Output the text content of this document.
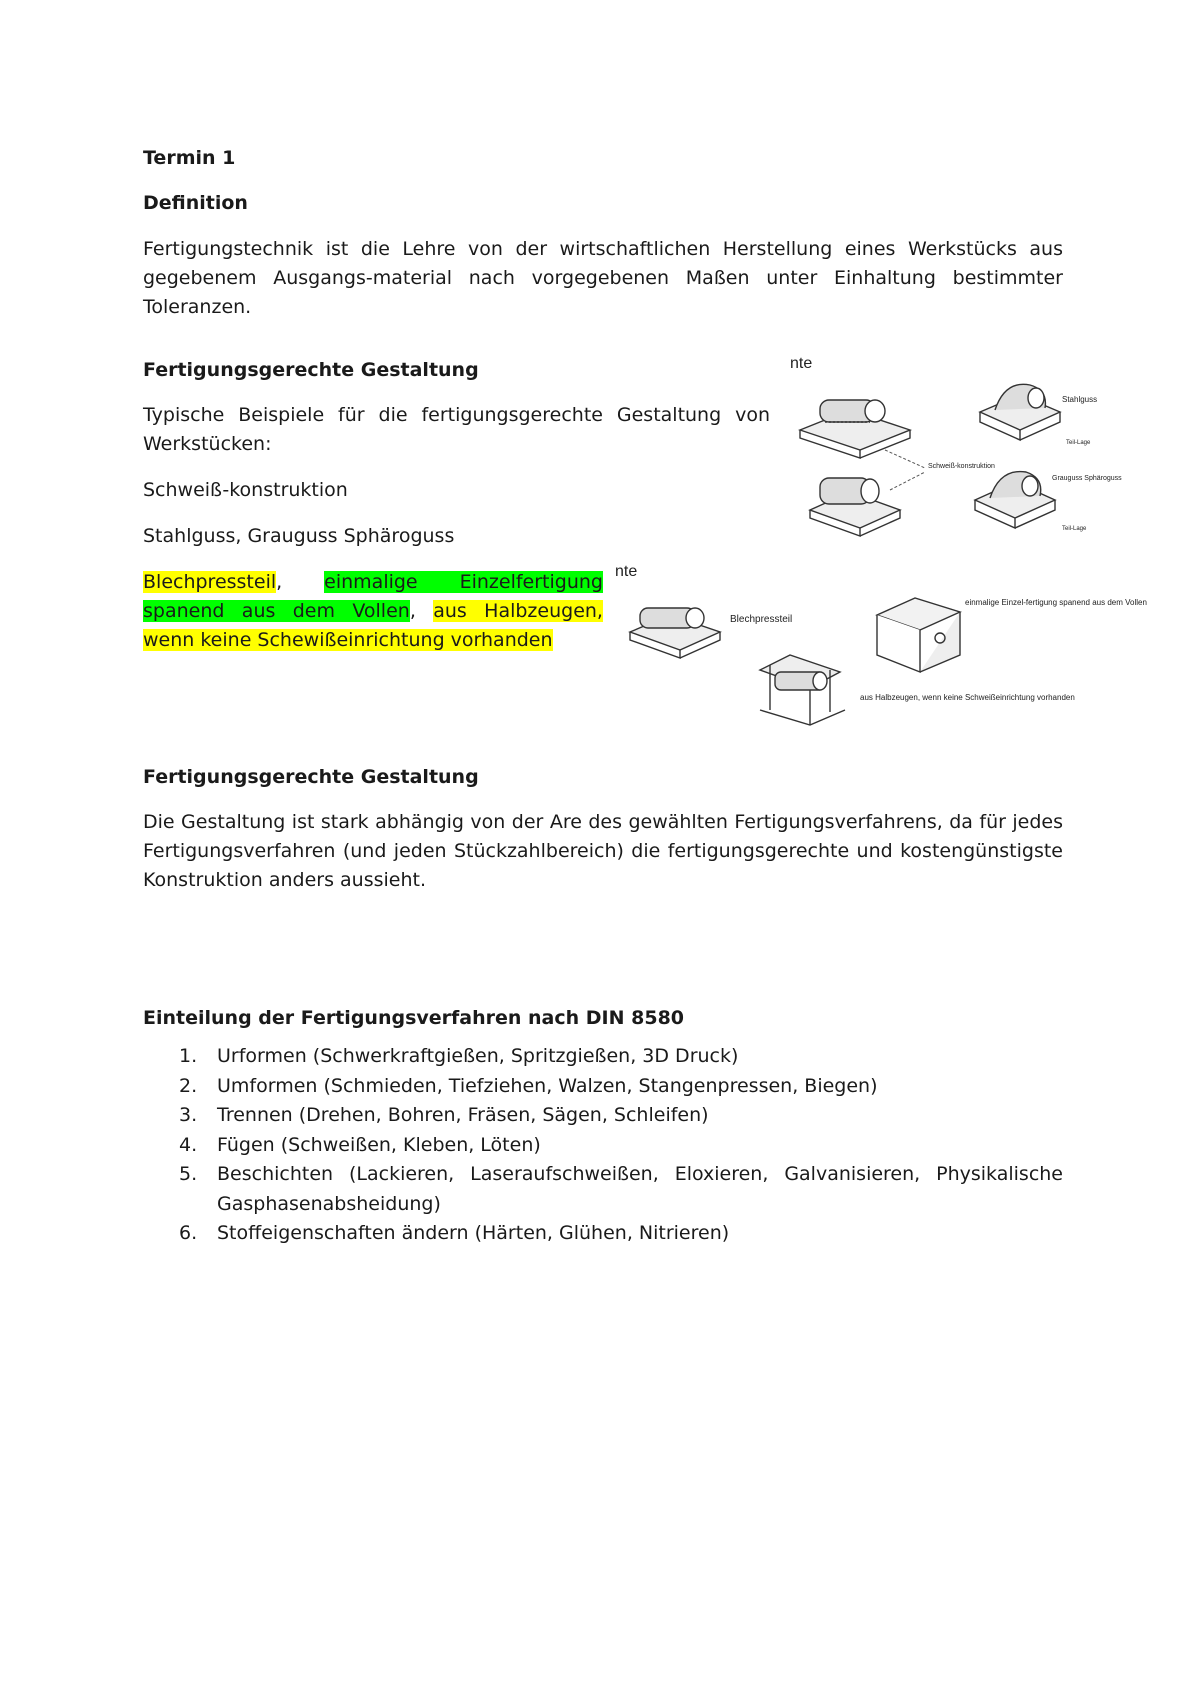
Termin 1
Definition

Fertigungstechnik ist die Lehre von der wirtschaftlichen Herstellung eines Werkstücks aus gegebenem Ausgangs-material nach vorgegebenen Maßen unter Einhaltung bestimmter Toleranzen.

Fertigungsgerechte Gestaltung

Typische Beispiele für die fertigungsgerechte Gestaltung von Werkstücken:

Schweiß-konstruktion
Stahlguss, Grauguss Sphäroguss

Blechpressteil, einmalige Einzelfertigung spanend aus dem Vollen, aus Halbzeugen, wenn keine Schewißeinrichtung vorhanden

Fertigungsgerechte Gestaltung

Die Gestaltung ist stark abhängig von der Are des gewählten Fertigungsverfahrens, da für jedes Fertigungsverfahren (und jeden Stückzahlbereich) die fertigungsgerechte und kostengünstigste Konstruktion anders aussieht.

Einteilung der Fertigungsverfahren nach DIN 8580
1. Urformen (Schwerkraftgießen, Spritzgießen, 3D Druck)
2. Umformen (Schmieden, Tiefziehen, Walzen, Stangenpressen, Biegen)
3. Trennen (Drehen, Bohren, Fräsen, Sägen, Schleifen)
4. Fügen (Schweißen, Kleben, Löten)
5. Beschichten (Lackieren, Laseraufschweißen, Eloxieren, Galvanisieren, Physikalische Gasphasenabsheidung)
6. Stoffeigenschaften ändern (Härten, Glühen, Nitrieren)
nte
Schweiß-konstruktion
Stahlguss
Teil-Lage
Grauguss Sphäroguss
Teil-Lage
nte
Blechpressteil
einmalige Einzel-fertigung spanend aus dem Vollen
aus Halbzeugen, wenn keine Schweißeinrichtung vorhanden
